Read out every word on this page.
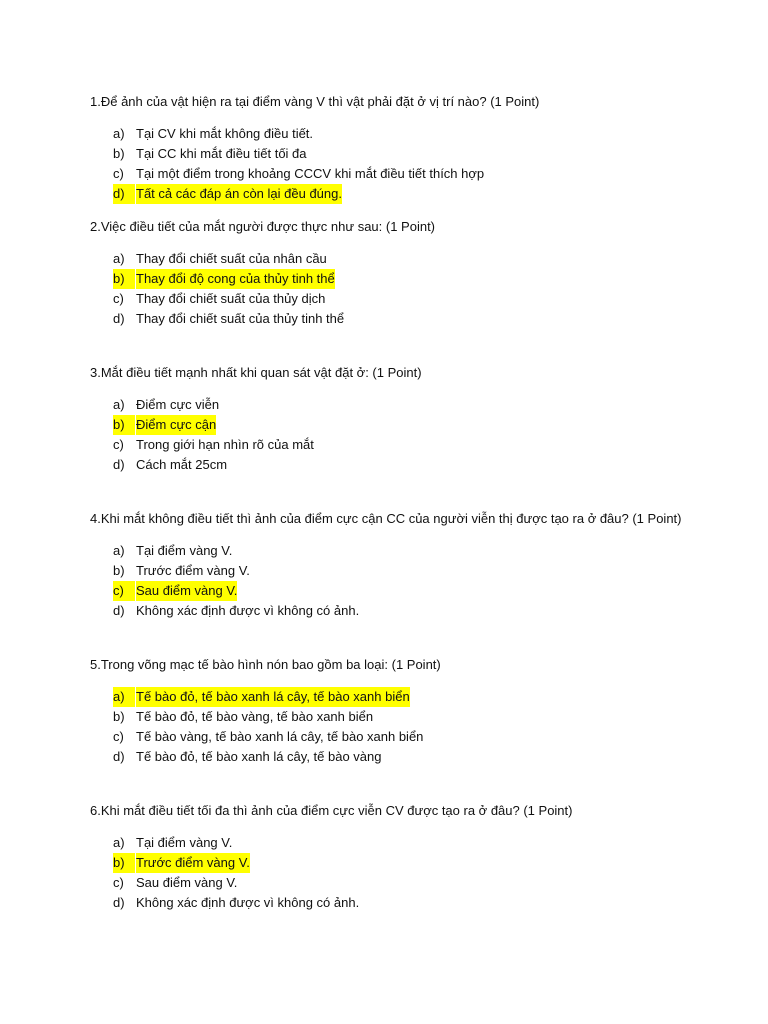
1.Để ảnh của vật hiện ra tại điểm vàng V thì vật phải đặt ở vị trí nào? (1 Point)

a) Tại CV khi mắt không điều tiết.
b) Tại CC khi mắt điều tiết tối đa
c) Tại một điểm trong khoảng CCCV khi mắt điều tiết thích hợp
d) Tất cả các đáp án còn lại đều đúng.

2.Việc điều tiết của mắt người được thực như sau: (1 Point)

a) Thay đổi chiết suất của nhân cầu
b) Thay đổi độ cong của thủy tinh thể
c) Thay đổi chiết suất của thủy dịch
d) Thay đổi chiết suất của thủy tinh thể

3.Mắt điều tiết mạnh nhất khi quan sát vật đặt ở: (1 Point)

a) Điểm cực viễn
b) Điểm cực cận
c) Trong giới hạn nhìn rõ của mắt
d) Cách mắt 25cm

4.Khi mắt không điều tiết thì ảnh của điểm cực cận CC của người viễn thị được tạo ra ở đâu? (1 Point)

a) Tại điểm vàng V.
b) Trước điểm vàng V.
c) Sau điểm vàng V.
d) Không xác định được vì không có ảnh.

5.Trong võng mạc tế bào hình nón bao gồm ba loại: (1 Point)

a) Tế bào đỏ, tế bào xanh lá cây, tế bào xanh biển
b) Tế bào đỏ, tế bào vàng, tế bào xanh biển
c) Tế bào vàng, tế bào xanh lá cây, tế bào xanh biển
d) Tế bào đỏ, tế bào xanh lá cây, tế bào vàng

6.Khi mắt điều tiết tối đa thì ảnh của điểm cực viễn CV được tạo ra ở đâu? (1 Point)

a) Tại điểm vàng V.
b) Trước điểm vàng V.
c) Sau điểm vàng V.
d) Không xác định được vì không có ảnh.
